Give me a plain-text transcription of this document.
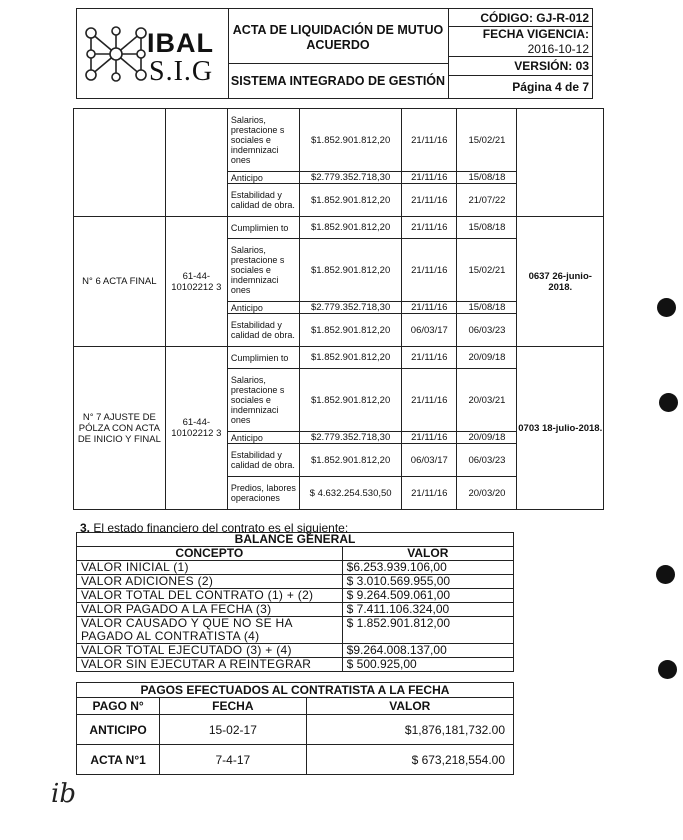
IBAL
S.I.G
ACTA DE LIQUIDACIÓN DE MUTUO ACUERDO
SISTEMA INTEGRADO DE GESTIÓN
CÓDIGO: GJ-R-012
FECHA VIGENCIA:
2016-10-12
VERSIÓN: 03
Página 4 de 7
		Salarios, prestacione s sociales e indemnizaci ones	$1.852.901.812,20	21/11/16	15/02/21	
		Anticipo	$2.779.352.718,30	21/11/16	15/08/18	
		Estabilidad y calidad de obra.	$1.852.901.812,20	21/11/16	21/07/22	
N° 6 ACTA FINAL	61-44-10102212 3	Cumplimien to	$1.852.901.812,20	21/11/16	15/08/18	0637 26-junio-2018.
		Salarios, prestacione s sociales e indemnizaci ones	$1.852.901.812,20	21/11/16	15/02/21	
		Anticipo	$2.779.352.718,30	21/11/16	15/08/18	
		Estabilidad y calidad de obra.	$1.852.901.812,20	06/03/17	06/03/23	
N° 7 AJUSTE DE PÓLZA CON ACTA DE INICIO Y FINAL	61-44-10102212 3	Cumplimien to	$1.852.901.812,20	21/11/16	20/09/18	0703 18-julio-2018.
		Salarios, prestacione s sociales e indemnizaci ones	$1.852.901.812,20	21/11/16	20/03/21	
		Anticipo	$2.779.352.718,30	21/11/16	20/09/18	
		Estabilidad y calidad de obra.	$1.852.901.812,20	06/03/17	06/03/23	
		Predios, labores operaciones	$ 4.632.254.530,50	21/11/16	20/03/20	
3. El estado financiero del contrato es el siguiente:
BALANCE GENERAL	
CONCEPTO	VALOR
VALOR INICIAL (1)	$6.253.939.106,00
VALOR ADICIONES (2)	$ 3.010.569.955,00
VALOR TOTAL DEL CONTRATO (1) + (2)	$ 9.264.509.061,00
VALOR PAGADO A LA FECHA (3)	$ 7.411.106.324,00
VALOR CAUSADO Y QUE NO SE HA PAGADO AL CONTRATISTA (4)	$ 1.852.901.812,00
VALOR TOTAL EJECUTADO (3) + (4)	$9.264.008.137,00
VALOR SIN EJECUTAR A REINTEGRAR	$ 500.925,00
PAGOS EFECTUADOS AL CONTRATISTA A LA FECHA		
PAGO N°	FECHA	VALOR
ANTICIPO	15-02-17	$1,876,181,732.00
ACTA N°1	7-4-17	$ 673,218,554.00
ib
